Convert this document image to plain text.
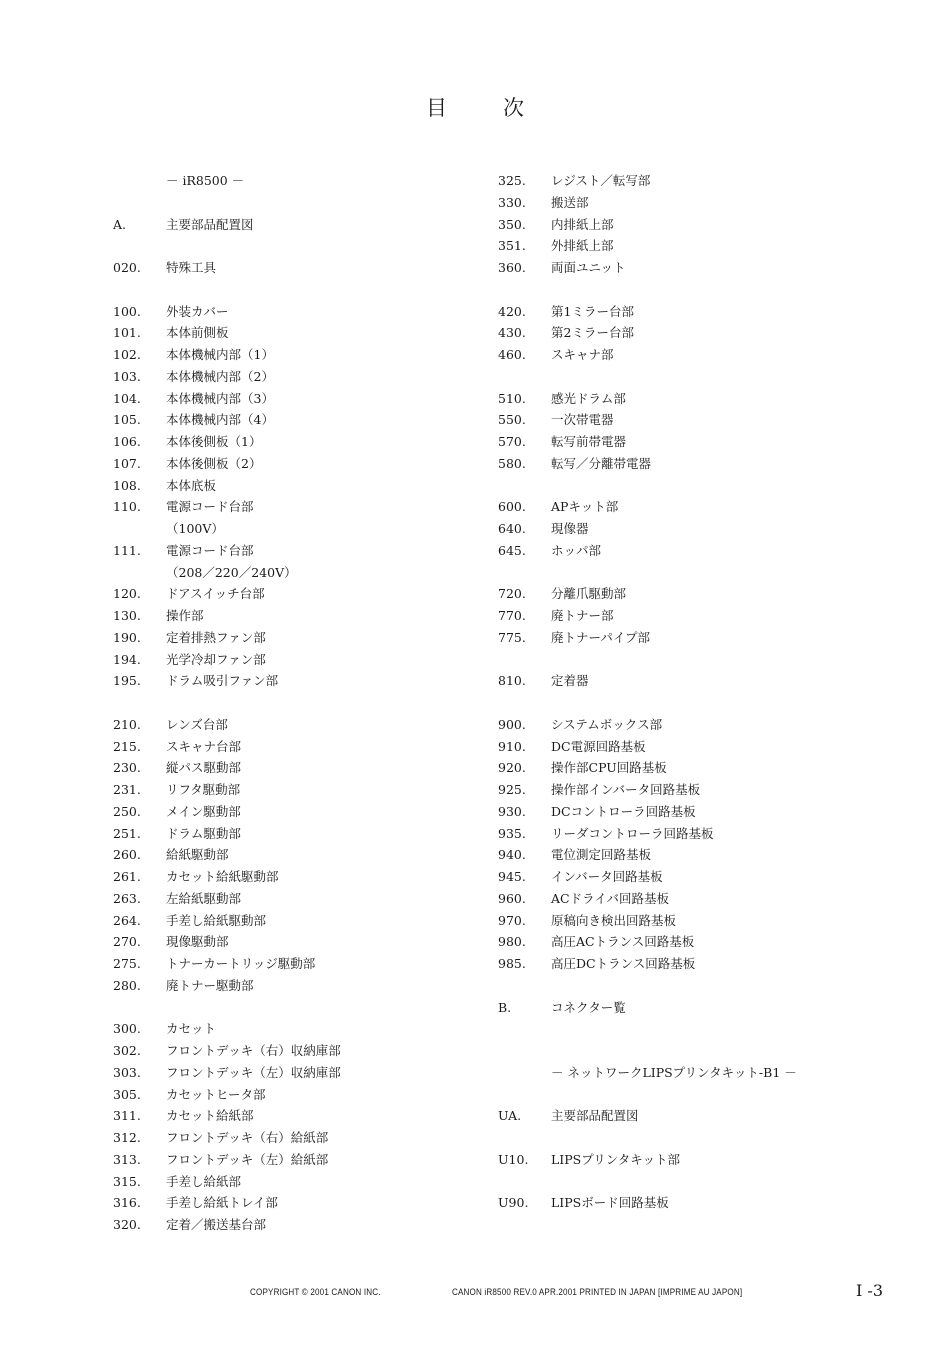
目	次
－ iR8500 －
A.	主要部品配置図
020. 特殊工具
100. 外装カバー
101. 本体前側板
102. 本体機械内部（1）
103. 本体機械内部（2）
104. 本体機械内部（3）
105. 本体機械内部（4）
106. 本体後側板（1）
107. 本体後側板（2）
108. 本体底板
110. 電源コード台部
（100V）
111. 電源コード台部
（208／220／240V）
120. ドアスイッチ台部
130. 操作部
190. 定着排熱ファン部
194. 光学冷却ファン部
195. ドラム吸引ファン部
210. レンズ台部
215. スキャナ台部
230. 縦パス駆動部
231. リフタ駆動部
250. メイン駆動部
251. ドラム駆動部
260. 給紙駆動部
261. カセット給紙駆動部
263. 左給紙駆動部
264. 手差し給紙駆動部
270. 現像駆動部
275. トナーカートリッジ駆動部
280. 廃トナー駆動部
300. カセット
302. フロントデッキ（右）収納庫部
303. フロントデッキ（左）収納庫部
305. カセットヒータ部
311. カセット給紙部
312. フロントデッキ（右）給紙部
313. フロントデッキ（左）給紙部
315. 手差し給紙部
316. 手差し給紙トレイ部
320. 定着／搬送基台部
325. レジスト／転写部
330. 搬送部
350. 内排紙上部
351. 外排紙上部
360. 両面ユニット
420. 第1ミラー台部
430. 第2ミラー台部
460. スキャナ部
510. 感光ドラム部
550. 一次帯電器
570. 転写前帯電器
580. 転写／分離帯電器
600. APキット部
640. 現像器
645. ホッパ部
720. 分離爪駆動部
770. 廃トナー部
775. 廃トナーパイプ部
810. 定着器
900. システムボックス部
910. DC電源回路基板
920. 操作部CPU回路基板
925. 操作部インバータ回路基板
930. DCコントローラ回路基板
935. リーダコントローラ回路基板
940. 電位測定回路基板
945. インバータ回路基板
960. ACドライバ回路基板
970. 原稿向き検出回路基板
980. 高圧ACトランス回路基板
985. 高圧DCトランス回路基板
B.	コネクター覧
－ ネットワークLIPSプリンタキット-B1 －
UA. 主要部品配置図
U10. LIPSプリンタキット部
U90. LIPSボード回路基板
COPYRIGHT © 2001 CANON INC.	CANON iR8500 REV.0 APR.2001 PRINTED IN JAPAN [IMPRIME AU JAPON]	I -3
